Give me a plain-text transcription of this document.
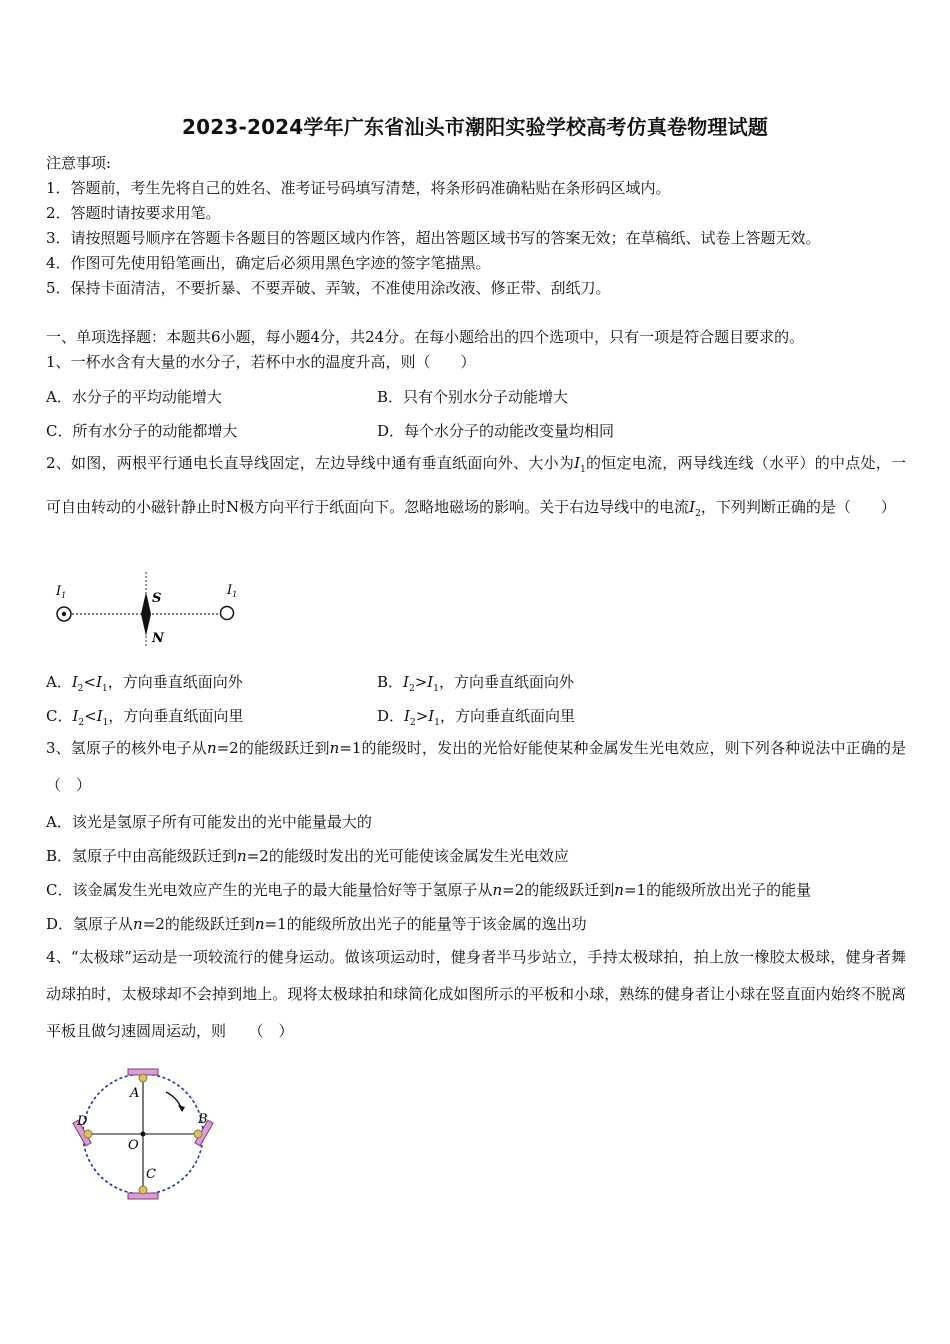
2023-2024学年广东省汕头市潮阳实验学校高考仿真卷物理试题
注意事项:
1．答题前，考生先将自己的姓名、准考证号码填写清楚，将条形码准确粘贴在条形码区域内。
2．答题时请按要求用笔。
3．请按照题号顺序在答题卡各题目的答题区域内作答，超出答题区域书写的答案无效；在草稿纸、试卷上答题无效。
4．作图可先使用铅笔画出，确定后必须用黑色字迹的签字笔描黑。
5．保持卡面清洁，不要折暴、不要弄破、弄皱，不准使用涂改液、修正带、刮纸刀。
一、单项选择题：本题共6小题，每小题4分，共24分。在每小题给出的四个选项中，只有一项是符合题目要求的。
1、一杯水含有大量的水分子，若杯中水的温度升高，则（　　）
A．水分子的平均动能增大	B．只有个别水分子动能增大
C．所有水分子的动能都增大	D．每个水分子的动能改变量均相同
2、如图，两根平行通电长直导线固定，左边导线中通有垂直纸面向外、大小为$I_1$的恒定电流，两导线连线（水平）的中点处，一可自由转动的小磁针静止时N极方向平行于纸面向下。忽略地磁场的影响。关于右边导线中的电流$I_2$，下列判断正确的是（　　）
$I_1$	$I_1$
S
N
A．$I_2<I_1$，方向垂直纸面向外	B．$I_2>I_1$，方向垂直纸面向外
C．$I_2<I_1$，方向垂直纸面向里	D．$I_2>I_1$，方向垂直纸面向里
3、氢原子的核外电子从n=2的能级跃迁到n=1的能级时，发出的光恰好能使某种金属发生光电效应，则下列各种说法中正确的是（　）
A．该光是氢原子所有可能发出的光中能量最大的
B．氢原子中由高能级跃迁到n=2的能级时发出的光可能使该金属发生光电效应
C．该金属发生光电效应产生的光电子的最大能量恰好等于氢原子从n=2的能级跃迁到n=1的能级所放出光子的能量
D．氢原子从n=2的能级跃迁到n=1的能级所放出光子的能量等于该金属的逸出功
4、“太极球”运动是一项较流行的健身运动。做该项运动时，健身者半马步站立，手持太极球拍，拍上放一橡胶太极球，健身者舞动球拍时，太极球却不会掉到地上。现将太极球拍和球简化成如图所示的平板和小球，熟练的健身者让小球在竖直面内始终不脱离平板且做匀速圆周运动，则　　（　）
A
B
C
D
O
